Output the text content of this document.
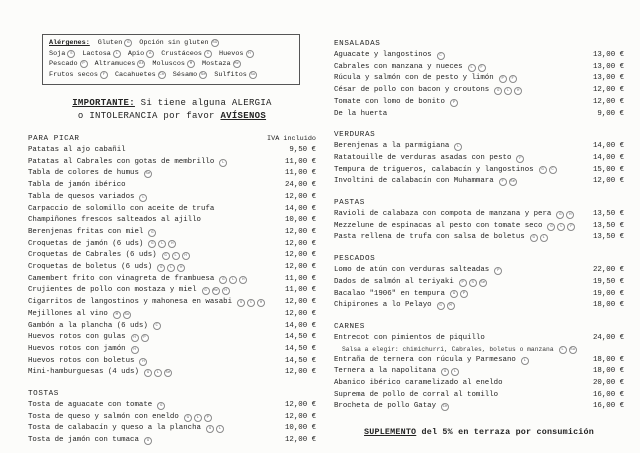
Alérgenes: Gluten	G	Opción sin gluten SG
Soja	S	Lactosa	L	Apio	A	Crustáceos	C	Huevos	H
Pescado	P	Altramuces At Moluscos	M	Mostaza Mz
Frutos secos	F	Cacahuetes Ch Sésamo Se Sulfitos Su
IMPORTANTE: Si tiene alguna ALERGIA
o INTOLERANCIA por favor AVÍSENOS
PARA PICAR	IVA incluido
Patatas al ajo cabañil	9,50 €
Patatas al Cabrales con gotas de membrillo	L	11,00 €
Tabla de colores de humus	Se	11,00 €
Tabla de jamón ibérico	24,00 €
Tabla de quesos variados	L	12,00 €
Carpaccio de solomillo con aceite de trufa	14,00 €
Champiñones frescos salteados al ajillo	10,00 €
Berenjenas fritas con miel	G	12,00 €
Croquetas de jamón (6 uds)	G	L	H	12,00 €
Croquetas de Cabrales (6 uds)	G	L	H	12,00 €
Croquetas de boletus (6 uds)	G	L	H	12,00 €
Camembert frito con vinagreta de frambuesa	G	L	H	11,00 €
Crujientes de pollo con mostaza y miel	G	Mz	H	11,00 €
Cigarritos de langostinos y mahonesa en wasabi	G	C	H	12,00 €
Mejillones al vino	M	Su	12,00 €
Gambón a la plancha (6 uds)	C	14,00 €
Huevos rotos con gulas	H	P	14,50 €
Huevos rotos con jamón	H	14,50 €
Huevos rotos con boletus	H	14,50 €
Mini-hamburguesas (4 uds)	G	L	Se	12,00 €
TOSTAS
Tosta de aguacate con tomate	G	12,00 €
Tosta de queso y salmón con eneldo	G	L	P	12,00 €
Tosta de calabacín y queso a la plancha	G	L	10,00 €
Tosta de jamón con tumaca	G	12,00 €
ENSALADAS
Aguacate y langostinos	C	13,00 €
Cabrales con manzana y nueces	L	F	13,00 €
Rúcula y salmón con de pesto y limón	P	F	13,00 €
César de pollo con bacon y croutons	G	L	H	12,00 €
Tomate con lomo de bonito	P	12,00 €
De la huerta	9,00 €
VERDURAS
Berenjenas a la parmigiana	L	14,00 €
Ratatouille de verduras asadas con pesto	F	14,00 €
Tempura de trigueros, calabacín y langostinos	G	C	15,00 €
Involtini de calabacín con Muhammara	F	Se	12,00 €
PASTAS
Ravioli de calabaza con compota de manzana y pera	G	H	13,50 €
Mezzelune de espinacas al pesto con tomate seco	G	L	F	13,50 €
Pasta rellena de trufa con salsa de boletus	G	L	13,50 €
PESCADOS
Lomo de atún con verduras salteadas	P	22,00 €
Dados de salmón al teriyaki	P	S	Se	19,50 €
Bacalao "1906" en tempura	G	P	19,00 €
Chipirones a lo Pelayo	G	M	18,00 €
CARNES
Entrecot con pimientos de piquillo	24,00 €
Salsa a elegir: chimichurri, Cabrales, boletus o manzana	L	Su
Entraña de ternera con rúcula y Parmesano	L	18,00 €
Ternera a la napolitana	G	L	18,00 €
Abanico ibérico caramelizado al eneldo	20,00 €
Suprema de pollo de corral al tomillo	16,00 €
Brocheta de pollo Gatay	Ch	16,00 €
SUPLEMENTO del 5% en terraza por consumición
